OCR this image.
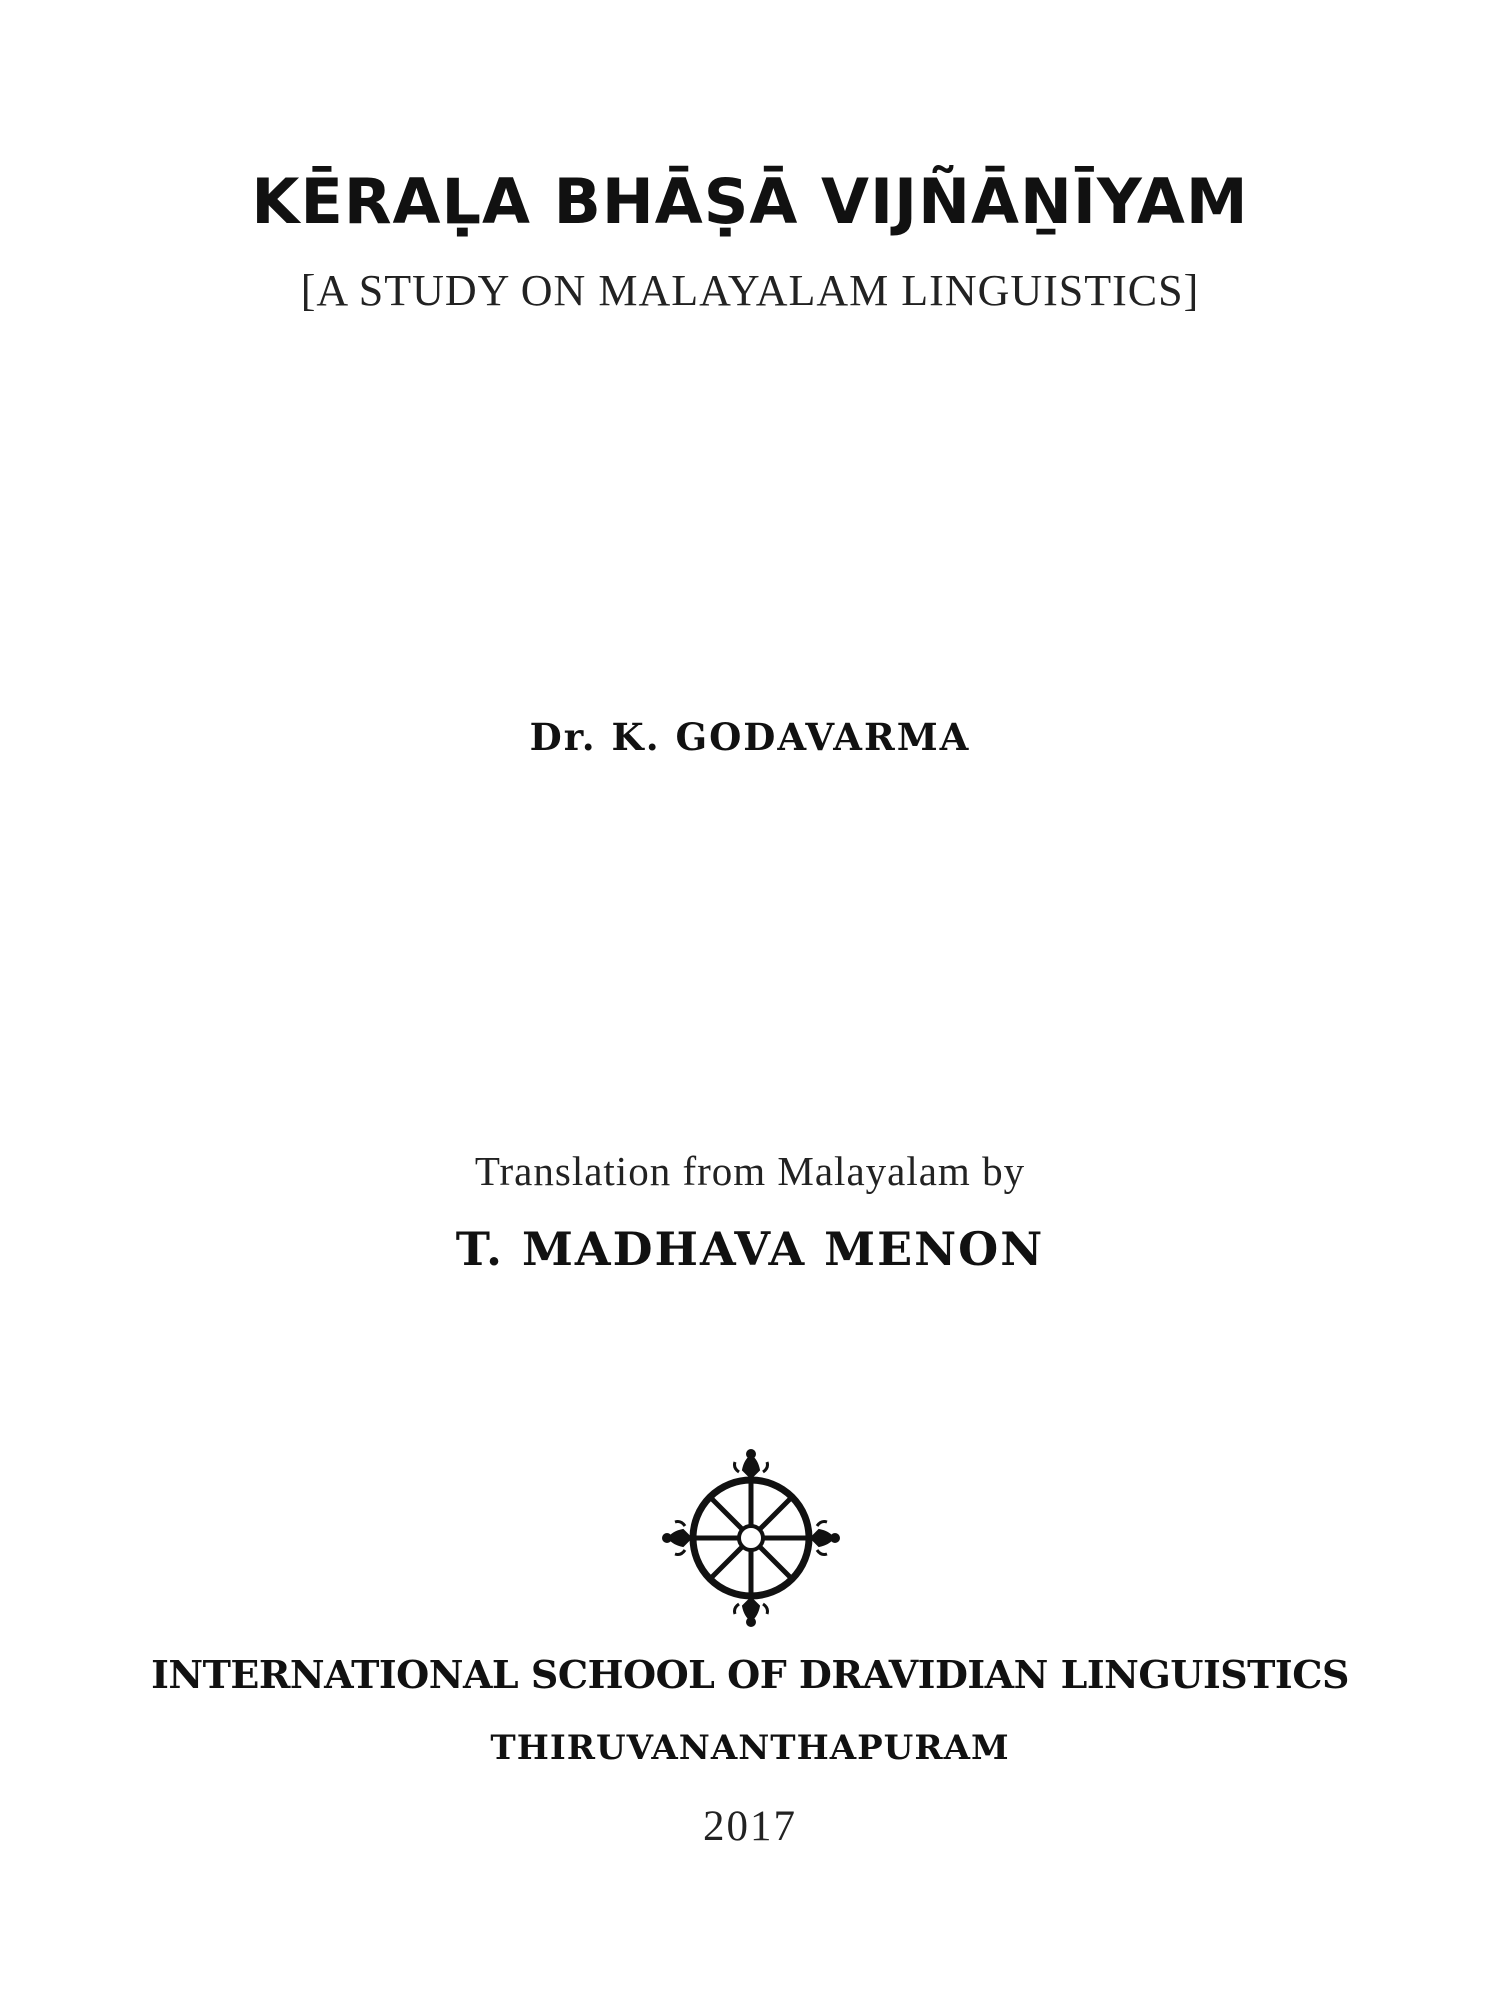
KĒRAḶA BHĀṢĀ VIJÑĀṈĪYAM
[A STUDY ON MALAYALAM LINGUISTICS]
Dr. K. GODAVARMA
Translation from Malayalam by
T. MADHAVA MENON
INTERNATIONAL SCHOOL OF DRAVIDIAN LINGUISTICS
THIRUVANANTHAPURAM
2017
